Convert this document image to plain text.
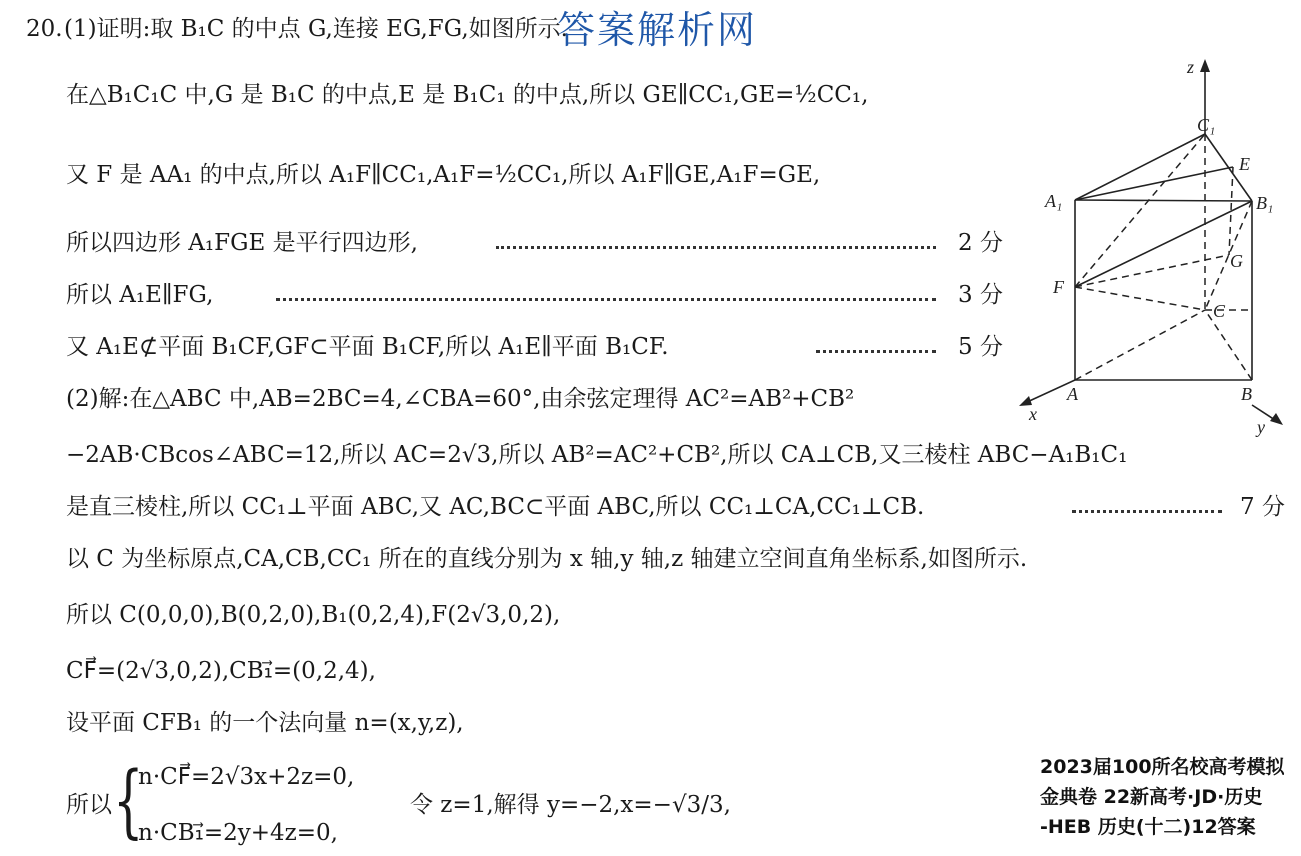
20. (1)证明:取 B₁C 的中点 G,连接 EG,FG,如图所示.
答案解析网
在△B₁C₁C 中,G 是 B₁C 的中点,E 是 B₁C₁ 的中点,所以 GE∥CC₁,GE=½CC₁,
又 F 是 AA₁ 的中点,所以 A₁F∥CC₁,A₁F=½CC₁,所以 A₁F∥GE,A₁F=GE,
所以四边形 A₁FGE 是平行四边形,	2 分
所以 A₁E∥FG,	3 分
又 A₁E⊄平面 B₁CF,GF⊂平面 B₁CF,所以 A₁E∥平面 B₁CF.	5 分
(2)解:在△ABC 中,AB=2BC=4,∠CBA=60°,由余弦定理得 AC²=AB²+CB²
−2AB·CBcos∠ABC=12,所以 AC=2√3,所以 AB²=AC²+CB²,所以 CA⊥CB,又三棱柱 ABC−A₁B₁C₁
是直三棱柱,所以 CC₁⊥平面 ABC,又 AC,BC⊂平面 ABC,所以 CC₁⊥CA,CC₁⊥CB.	7 分
以 C 为坐标原点,CA,CB,CC₁ 所在的直线分别为 x 轴,y 轴,z 轴建立空间直角坐标系,如图所示.
所以 C(0,0,0),B(0,2,0),B₁(0,2,4),F(2√3,0,2),
CF⃗=(2√3,0,2),CB₁⃗=(0,2,4),
设平面 CFB₁ 的一个法向量 n=(x,y,z),
所以 {
n·CF⃗=2√3x+2z=0,
n·CB₁⃗=2y+4z=0,
令 z=1,解得 y=−2,x=−√3/3,
z
C₁
E
A₁	B₁
G
F
C
A	B
x
y
2023届100所名校高考模拟
金典卷 22新高考·JD·历史
-HEB 历史(十二)12答案
